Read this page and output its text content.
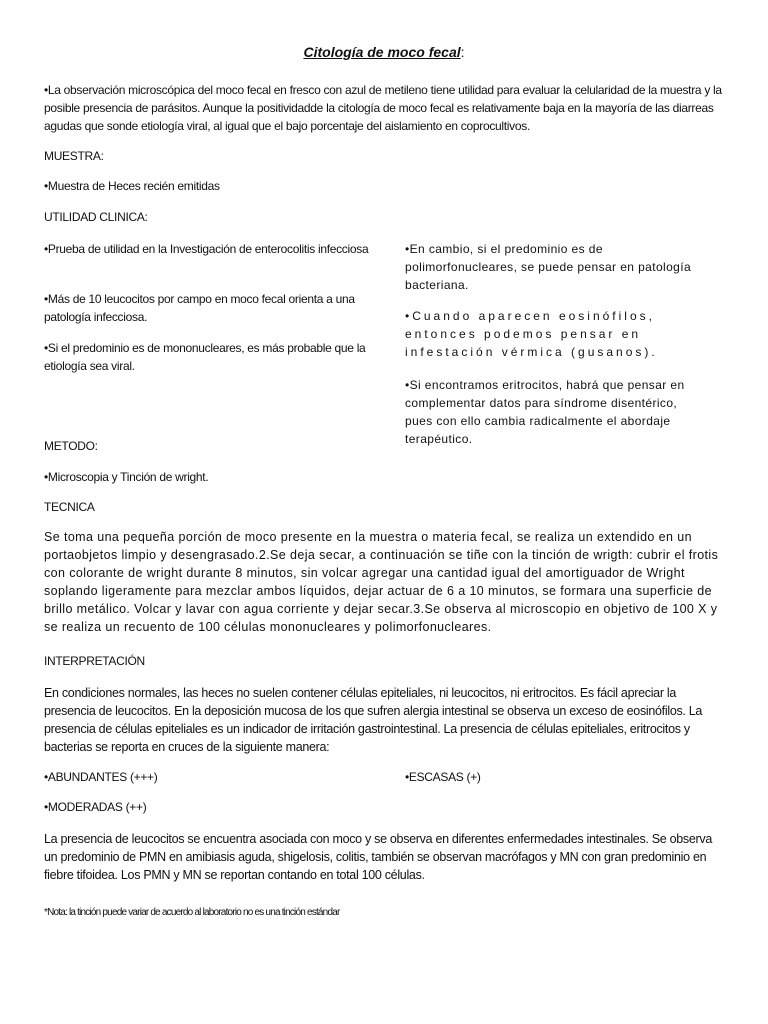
Citología de moco fecal:

•La observación microscópica del moco fecal en fresco con azul de metileno tiene utilidad para evaluar la celularidad de la muestra y la posible presencia de parásitos. Aunque la positividadde la citología de moco fecal es relativamente baja en la mayoría de las diarreas agudas que sonde etiología viral, al igual que el bajo porcentaje del aislamiento en coprocultivos.

MUESTRA:

•Muestra de Heces recién emitidas

UTILIDAD CLINICA:

•Prueba de utilidad en la Investigación de enterocolitis infecciosa
•Más de 10 leucocitos por campo en moco fecal orienta a una patología infecciosa.
•Si el predominio es de mononucleares, es más probable que la etiología sea viral.
•En cambio, si el predominio es de polimorfonucleares, se puede pensar en patología bacteriana.
•Cuando aparecen eosinófilos, entonces podemos pensar en infestación vérmica (gusanos).
•Si encontramos eritrocitos, habrá que pensar en complementar datos para síndrome disentérico, pues con ello cambia radicalmente el abordaje terapéutico.

METODO:

•Microscopia y Tinción de wright.

TECNICA

Se toma una pequeña porción de moco presente en la muestra o materia fecal, se realiza un extendido en un portaobjetos limpio y desengrasado.2.Se deja secar, a continuación se tiñe con la tinción de wrigth: cubrir el frotis con colorante de wright durante 8 minutos, sin volcar agregar una cantidad igual del amortiguador de Wright soplando ligeramente para mezclar ambos líquidos, dejar actuar de 6 a 10 minutos, se formara una superficie de brillo metálico. Volcar y lavar con agua corriente y dejar secar.3.Se observa al microscopio en objetivo de 100 X y se realiza un recuento de 100 células mononucleares y polimorfonucleares.

INTERPRETACIÓN

En condiciones normales, las heces no suelen contener células epiteliales, ni leucocitos, ni eritrocitos. Es fácil apreciar la presencia de leucocitos. En la deposición mucosa de los que sufren alergia intestinal se observa un exceso de eosinófilos. La presencia de células epiteliales es un indicador de irritación gastrointestinal. La presencia de células epiteliales, eritrocitos y bacterias se reporta en cruces de la siguiente manera:

•ABUNDANTES (+++)	•ESCASAS (+)

•MODERADAS (++)

La presencia de leucocitos se encuentra asociada con moco y se observa en diferentes enfermedades intestinales. Se observa un predominio de PMN en amibiasis aguda, shigelosis, colitis, también se observan macrófagos y MN con gran predominio en fiebre tifoidea. Los PMN y MN se reportan contando en total 100 células.

*Nota: la tinción puede variar de acuerdo al laboratorio no es una tinción estándar
